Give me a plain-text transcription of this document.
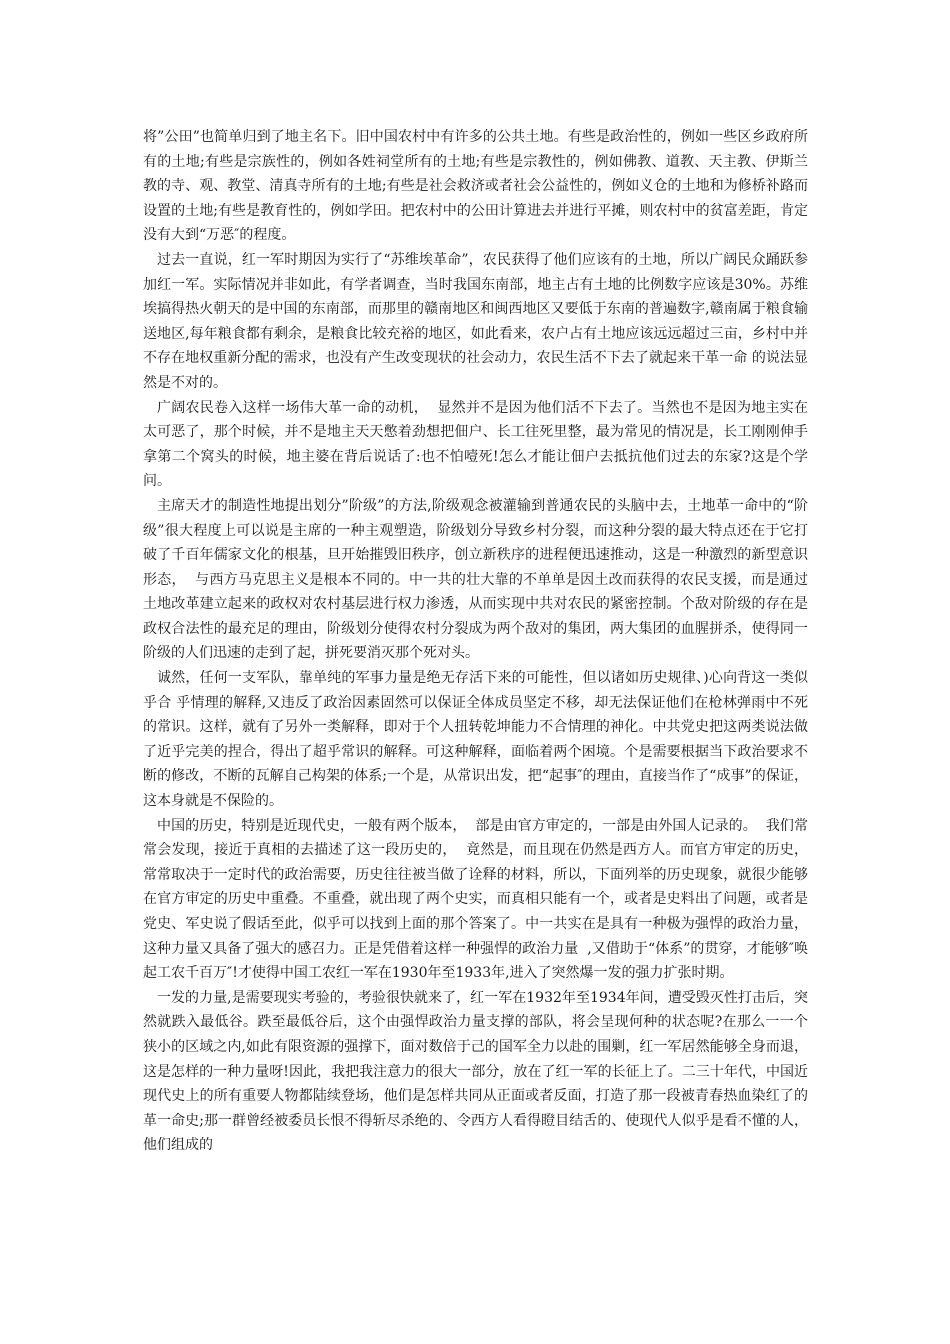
将”公田”也简单归到了地主名下。旧中国农村中有许多的公共土地。有些是政治性的，例如一些区乡政府所有的土地;有些是宗族性的，例如各姓祠堂所有的土地;有些是宗教性的，例如佛教、道教、天主教、伊斯兰教的寺、观、教堂、清真寺所有的土地;有些是社会救济或者社会公益性的，例如义仓的土地和为修桥补路而设置的土地;有些是教育性的，例如学田。把农村中的公田计算进去并进行平摊，则农村中的贫富差距，肯定没有大到“万恶″的程度。

过去一直说，红一军时期因为实行了“苏维埃革命”，农民获得了他们应该有的土地，所以广阔民众踊跃参加红一军。实际情况并非如此，有学者调查，当时我国东南部，地主占有土地的比例数字应该是30%。苏维埃搞得热火朝天的是中国的东南部，而那里的赣南地区和闽西地区又要低于东南的普遍数字,赣南属于粮食输送地区,每年粮食都有剩余，是粮食比较充裕的地区，如此看来，农户占有土地应该远远超过三亩，乡村中并不存在地权重新分配的需求，也没有产生改变现状的社会动力，农民生活不下去了就起来干革一命 的说法显然是不对的。

广阔农民卷入这样一场伟大革一命的动机，  显然并不是因为他们活不下去了。当然也不是因为地主实在太可恶了，那个时候，并不是地主天天憋着劲想把佃户、长工往死里整，最为常见的情况是，长工刚刚伸手拿第二个窝头的时候，地主婆在背后说话了:也不怕噎死!怎么才能让佃户去抵抗他们过去的东家?这是个学问。

主席天才的制造性地提出划分”阶级”的方法,阶级观念被灌输到普通农民的头脑中去，土地革一命中的“阶级”很大程度上可以说是主席的一种主观塑造，阶级划分导致乡村分裂，而这种分裂的最大特点还在于它打破了千百年儒家文化的根基，旦开始摧毁旧秩序，创立新秩序的进程便迅速推动，这是一种激烈的新型意识形态，  与西方马克思主义是根本不同的。中一共的壮大靠的不单单是因土改而获得的农民支援，而是通过土地改革建立起来的政权对农村基层进行权力渗透，从而实现中共对农民的紧密控制。个敌对阶级的存在是政权合法性的最充足的理由，阶级划分使得农村分裂成为两个敌对的集团，两大集团的血腥拼杀，使得同一阶级的人们迅速的走到了起，拼死要消灭那个死对头。

诚然，任何一支军队，靠单纯的军事力量是绝无存活下来的可能性，但以诸如历史规律、)心向背这一类似乎合 乎情理的解释,又违反了政治因素固然可以保证全体成员坚定不移，却无法保证他们在枪林弹雨中不死的常识。这样，就有了另外一类解释，即对于个人扭转乾坤能力不合情理的神化。中共党史把这两类说法做了近乎完美的捏合，得出了超乎常识的解释。可这种解释，面临着两个困境。个是需要根据当下政治要求不断的修改，不断的瓦解自己构架的体系;一个是，从常识出发，把“起事″的理由，直接当作了“成事”的保证，这本身就是不保险的。

中国的历史，特别是近现代史，一般有两个版本，  部是由官方审定的，一部是由外国人记录的。  我们常常会发现，接近于真相的去描述了这一段历史的，  竟然是，而且现在仍然是西方人。而官方审定的历史，常常取决于一定时代的政治需要，历史往往被当做了诠释的材料，所以，下面列举的历史现象，就很少能够在官方审定的历史中重叠。不重叠，就出现了两个史实，而真相只能有一个，或者是史料出了问题，或者是党史、军史说了假话至此，似乎可以找到上面的那个答案了。中一共实在是具有一种极为强悍的政治力量，这种力量又具备了强大的感召力。正是凭借着这样一种强悍的政治力量  ,又借助于“体系”的贯穿，才能够″唤起工农千百万″!才使得中国工农红一军在1930年至1933年,进入了突然爆一发的强力扩张时期。

一发的力量,是需要现实考验的，考验很快就来了，红一军在1932年至1934年间，遭受毁灭性打击后，突然就跌入最低谷。跌至最低谷后，这个由强悍政治力量支撑的部队，将会呈现何种的状态呢?在那么一一个狭小的区域之内,如此有限资源的强撑下，面对数倍于己的国军全力以赴的围剿，红一军居然能够全身而退，这是怎样的一种力量呀!因此，我把我注意力的很大一部分，放在了红一军的长征上了。二三十年代，中国近现代史上的所有重要人物都陆续登场，他们是怎样共同从正面或者反面，打造了那一段被青春热血染红了的革一命史;那一群曾经被委员长恨不得斩尽杀绝的、令西方人看得瞪目结舌的、使现代人似乎是看不懂的人，他们组成的
